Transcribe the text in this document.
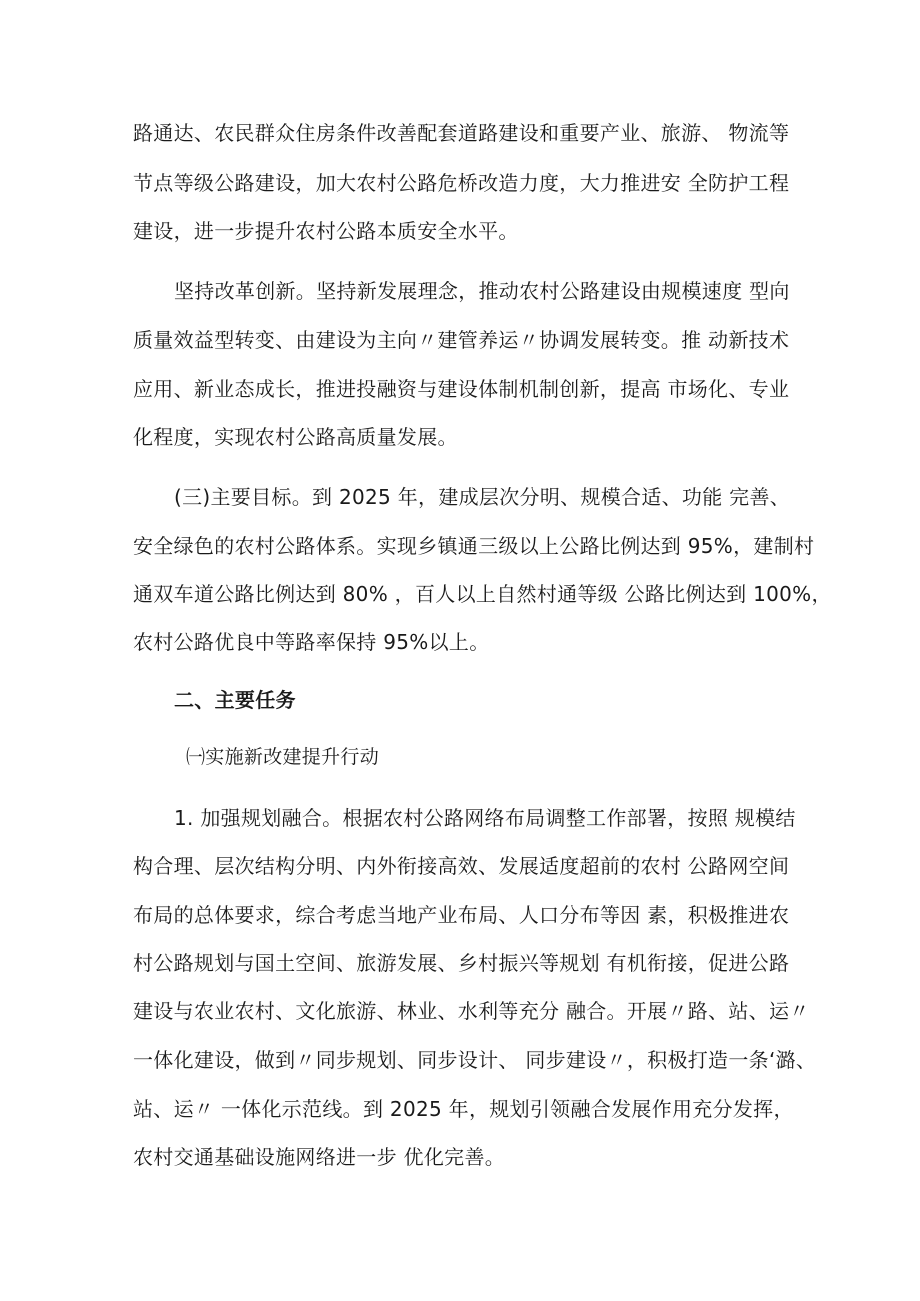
路通达、农民群众住房条件改善配套道路建设和重要产业、旅游、 物流等
节点等级公路建设，加大农村公路危桥改造力度，大力推进安 全防护工程
建设，进一步提升农村公路本质安全水平。
坚持改革创新。坚持新发展理念，推动农村公路建设由规模速度 型向
质量效益型转变、由建设为主向〃建管养运〃协调发展转变。推 动新技术
应用、新业态成长，推进投融资与建设体制机制创新，提高 市场化、专业
化程度，实现农村公路高质量发展。
(三)主要目标。到 2025 年，建成层次分明、规模合适、功能 完善、
安全绿色的农村公路体系。实现乡镇通三级以上公路比例达到 95%，建制村
通双车道公路比例达到 80% ，百人以上自然村通等级 公路比例达到 100%，
农村公路优良中等路率保持 95%以上。
二、主要任务
㈠实施新改建提升行动
1. 加强规划融合。根据农村公路网络布局调整工作部署，按照 规模结
构合理、层次结构分明、内外衔接高效、发展适度超前的农村 公路网空间
布局的总体要求，综合考虑当地产业布局、人口分布等因 素，积极推进农
村公路规划与国土空间、旅游发展、乡村振兴等规划 有机衔接，促进公路
建设与农业农村、文化旅游、林业、水利等充分 融合。开展〃路、站、运〃
一体化建设，做到〃同步规划、同步设计、 同步建设〃，积极打造一条‘潞、
站、运〃 一体化示范线。到 2025 年，规划引领融合发展作用充分发挥，
农村交通基础设施网络进一步 优化完善。
